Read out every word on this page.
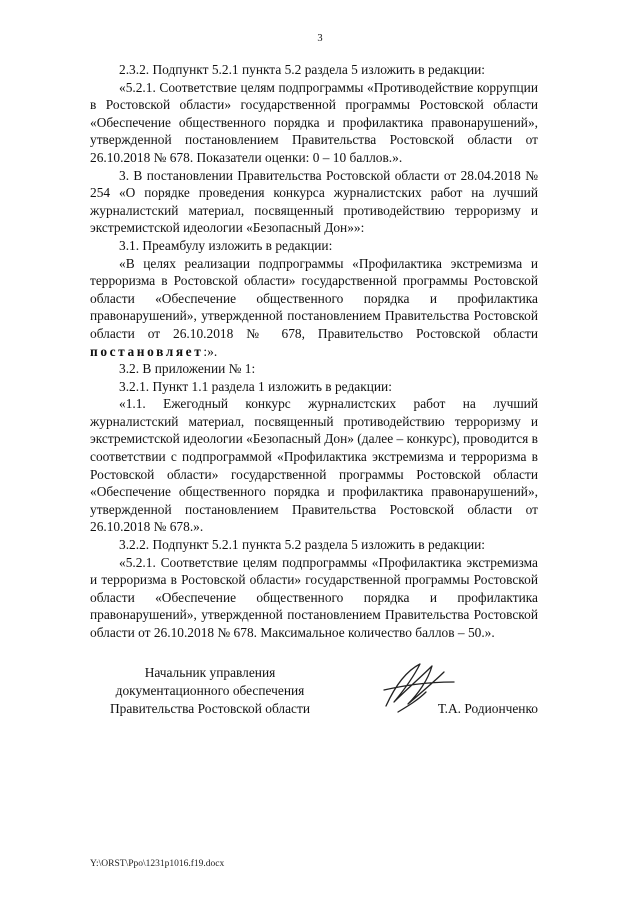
3

2.3.2. Подпункт 5.2.1 пункта 5.2 раздела 5 изложить в редакции:

«5.2.1. Соответствие целям подпрограммы «Противодействие коррупции в Ростовской области» государственной программы Ростовской области «Обеспечение общественного порядка и профилактика правонарушений», утвержденной постановлением Правительства Ростовской области от 26.10.2018 № 678. Показатели оценки: 0 – 10 баллов.».

3. В постановлении Правительства Ростовской области от 28.04.2018 № 254 «О порядке проведения конкурса журналистских работ на лучший журналистский материал, посвященный противодействию терроризму и экстремистской идеологии «Безопасный Дон»»:

3.1. Преамбулу изложить в редакции:

«В целях реализации подпрограммы «Профилактика экстремизма и терроризма в Ростовской области» государственной программы Ростовской области «Обеспечение общественного порядка и профилактика правонарушений», утвержденной постановлением Правительства Ростовской области от 26.10.2018 № 678, Правительство Ростовской области постановляет:».

3.2. В приложении № 1:

3.2.1. Пункт 1.1 раздела 1 изложить в редакции:

«1.1. Ежегодный конкурс журналистских работ на лучший журналистский материал, посвященный противодействию терроризму и экстремистской идеологии «Безопасный Дон» (далее – конкурс), проводится в соответствии с подпрограммой «Профилактика экстремизма и терроризма в Ростовской области» государственной программы Ростовской области «Обеспечение общественного порядка и профилактика правонарушений», утвержденной постановлением Правительства Ростовской области от 26.10.2018 № 678.».

3.2.2. Подпункт 5.2.1 пункта 5.2 раздела 5 изложить в редакции:

«5.2.1. Соответствие целям подпрограммы «Профилактика экстремизма и терроризма в Ростовской области» государственной программы Ростовской области «Обеспечение общественного порядка и профилактика правонарушений», утвержденной постановлением Правительства Ростовской области от 26.10.2018 № 678. Максимальное количество баллов – 50.».

Начальник управления
документационного обеспечения
Правительства Ростовской области	Т.А. Родионченко
Y:\ORST\Ppo\1231p1016.f19.docx
